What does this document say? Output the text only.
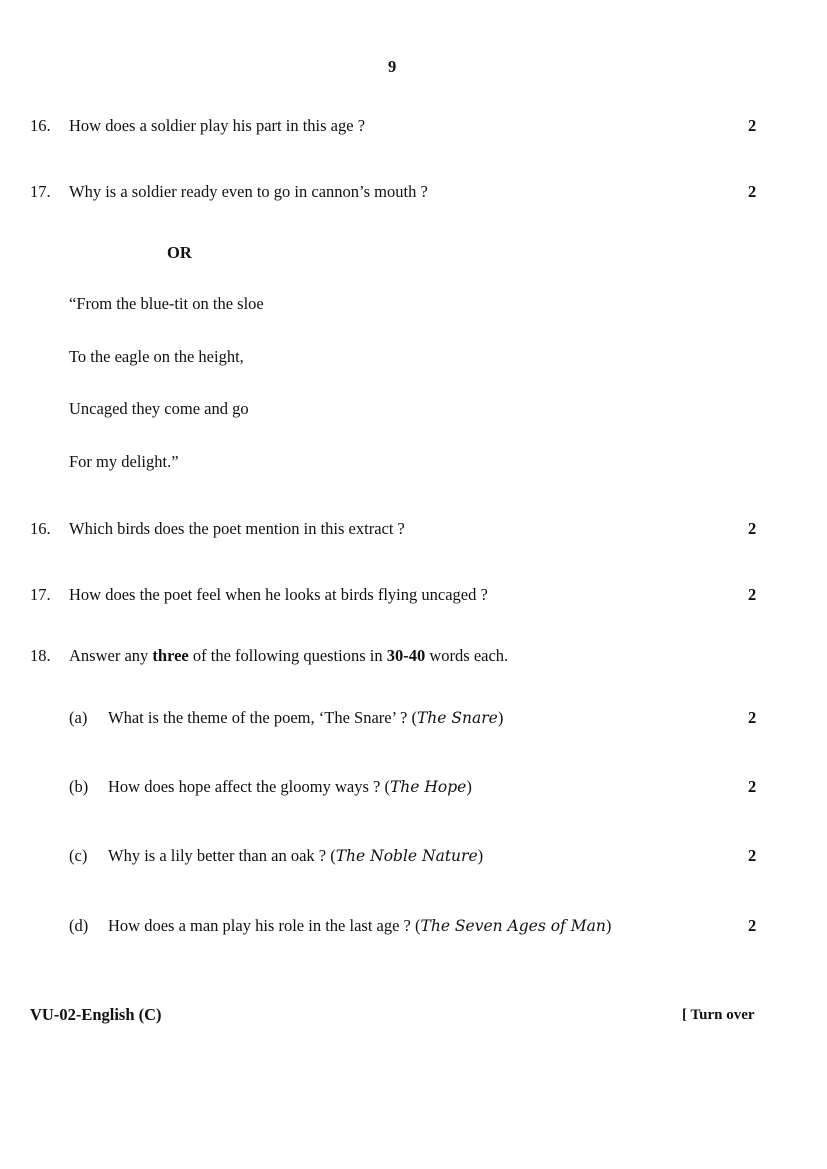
9
16. How does a soldier play his part in this age ?	2
17. Why is a soldier ready even to go in cannon’s mouth ?	2
OR
“From the blue-tit on the sloe
To the eagle on the height,
Uncaged they come and go
For my delight.”
16. Which birds does the poet mention in this extract ?	2
17. How does the poet feel when he looks at birds flying uncaged ?	2
18. Answer any three of the following questions in 30-40 words each.
(a) What is the theme of the poem, ‘The Snare’ ? (The Snare)	2
(b) How does hope affect the gloomy ways ? (The Hope)	2
(c) Why is a lily better than an oak ? (The Noble Nature)	2
(d) How does a man play his role in the last age ? (The Seven Ages of Man)	2
VU-02-English (C)	[ Turn over
